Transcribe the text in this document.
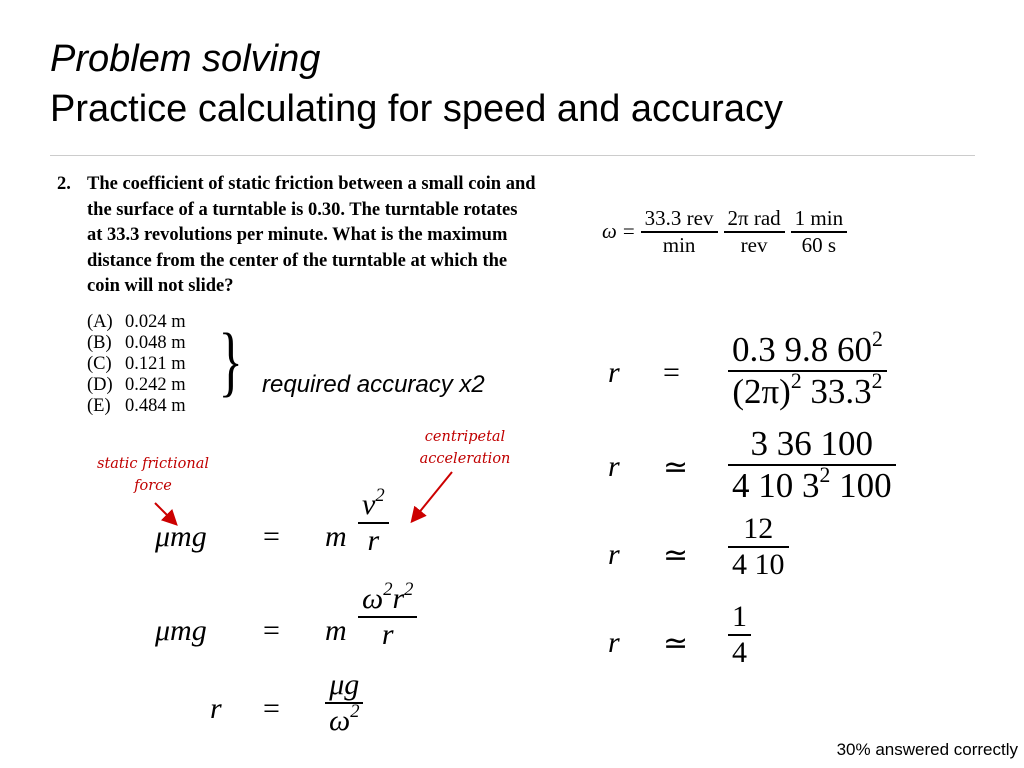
Problem solving
Practice calculating for speed and accuracy
2. The coefficient of static friction between a small coin and the surface of a turntable is 0.30. The turntable rotates at 33.3 revolutions per minute. What is the maximum distance from the center of the turntable at which the coin will not slide?
(A) 0.024 m
(B) 0.048 m
(C) 0.121 m
(D) 0.242 m
(E) 0.484 m
} required accuracy x2
static frictional
force
centripetal
acceleration
$\omega = \frac{\text{33.3 rev}}{\min} \frac{\text{2π rad}}{\text{rev}} \frac{1 \min}{60 s}$
μmg = m
$v^2$
r
μmg = m
$\omega^2r^2$
r
r =
μg
$\omega^2$
r =
0.3 9.8 $60^2$
$(2\pi)^2$ 33.3$^2$
r ≃
3 36 100
4 10 $3^2$ 100
r ≃
12
4 10
r ≃
1
4
30% answered correctly
